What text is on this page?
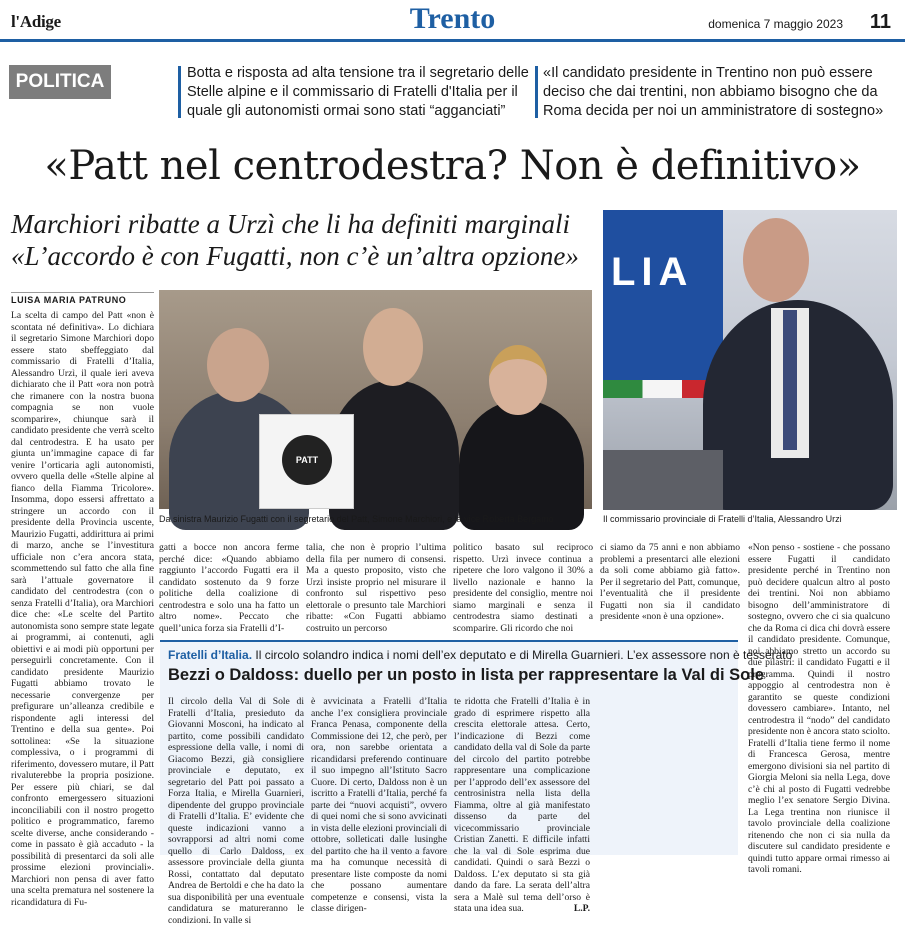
l'Adige	Trento	domenica 7 maggio 2023 11
POLITICA	Botta e risposta ad alta tensione tra il segretario delle Stelle alpine e il commissario di Fratelli d'Italia per il quale gli autonomisti ormai sono stati “agganciati”
«Il candidato presidente in Trentino non può essere deciso che dai trentini, non abbiamo bisogno che da Roma decida per noi un amministratore di sostegno»
«Patt nel centrodestra? Non è definitivo»
Marchiori ribatte a Urzì che li ha definiti marginali
«L’accordo è con Fugatti, non c’è un’altra opzione»
LUISA MARIA PATRUNO
PATT
LIA
Da sinistra Maurizio Fugatti con il segretario del Patt, Simone Marchiori, e la vice Roberta Bergamo	Il commissario provinciale di Fratelli d’Italia, Alessandro Urzi
La scelta di campo del Patt «non è scontata né definitiva». Lo dichiara il segretario Simone Marchiori dopo essere stato sbeffeggiato dal commissario di Fratelli d’Italia, Alessandro Urzì, il quale ieri aveva dichiarato che il Patt «ora non potrà che rimanere con la nostra buona compagnia se non vuole scomparire», chiunque sarà il candidato presidente che verrà scelto dal centrodestra. E ha usato per giunta un’immagine capace di far venire l’orticaria agli autonomisti, ovvero quella delle «Stelle alpine al fianco della Fiamma Tricolore». Insomma, dopo essersi affrettato a stringere un accordo con il presidente della Provincia uscente, Maurizio Fugatti, addirittura ai primi di marzo, anche se l’investitura ufficiale non c’era ancora stata, scommettendo sul fatto che alla fine sarà l’attuale governatore il candidato del centrodestra (con o senza Fratelli d’Italia), ora Marchiori dice che: «Le scelte del Partito autonomista sono sempre state legate ai programmi, ai contenuti, agli obiettivi e ai modi più opportuni per perseguirli concretamente. Con il candidato presidente Maurizio Fugatti abbiamo trovato le necessarie convergenze per prefigurare un’alleanza credibile e rispondente agli interessi del Trentino e della sua gente». Poi sottolinea: «Se la situazione complessiva, o i programmi di riferimento, dovessero mutare, il Patt rivaluterebbe la propria posizione. Per essere più chiari, se dal confronto emergessero situazioni inconciliabili con il nostro progetto politico e programmatico, faremo scelte diverse, anche considerando - come in passato è già accaduto - la possibilità di presentarci da soli alle prossime elezioni provinciali». Marchiori non pensa di aver fatto una scelta prematura nel sostenere la ricandidatura di Fu-
gatti a bocce non ancora ferme perché dice: «Quando abbiamo raggiunto l’accordo Fugatti era il candidato sostenuto da 9 forze politiche della coalizione di centrodestra e solo una ha fatto un altro nome». Peccato che quell’unica forza sia Fratelli d’I-
talia, che non è proprio l’ultima della fila per numero di consensi. Ma a questo proposito, visto che Urzì insiste proprio nel misurare il confronto sul rispettivo peso elettorale o presunto tale Marchiori ribatte: «Con Fugatti abbiamo costruito un percorso
politico basato sul reciproco rispetto. Urzì invece continua a ripetere che loro valgono il 30% a livello nazionale e hanno la presidente del consiglio, mentre noi siamo marginali e senza il centrodestra siamo destinati a scomparire. Gli ricordo che noi
ci siamo da 75 anni e non abbiamo problemi a presentarci alle elezioni da soli come abbiamo già fatto». Per il segretario del Patt, comunque, l’eventualità che il presidente Fugatti non sia il candidato presidente «non è una opzione».
«Non penso - sostiene - che possano essere Fugatti il candidato presidente perché in Trentino non può decidere qualcun altro al posto dei trentini. Noi non abbiamo bisogno dell’amministratore di sostegno, ovvero che ci sia qualcuno che da Roma ci dica chi dovrà essere il candidato presidente. Comunque, noi abbiamo stretto un accordo su due pilastri: il candidato Fugatti e il programma. Quindi il nostro appoggio al centrodestra non è garantito se queste condizioni dovessero cambiare». Intanto, nel centrodestra il “nodo” del candidato presidente non è ancora stato sciolto. Fratelli d’Italia tiene fermo il nome di Francesca Gerosa, mentre emergono divisioni sia nel partito di Giorgia Meloni sia nella Lega, dove c’è chi al posto di Fugatti vedrebbe meglio l’ex senatore Sergio Divina. La Lega trentina non riunisce il tavolo provinciale della coalizione ritenendo che non ci sia nulla da discutere sul candidato presidente e quindi tutto appare ormai rimesso ai tavoli romani.
Fratelli d’Italia. Il circolo solandro indica i nomi dell’ex deputato e di Mirella Guarnieri. L’ex assessore non è tesserato
Bezzi o Daldoss: duello per un posto in lista per rappresentare la Val di Sole
Il circolo della Val di Sole di Fratelli d’Italia, presieduto da Giovanni Mosconi, ha indicato al partito, come possibili candidato espressione della valle, i nomi di Giacomo Bezzi, già consigliere provinciale e deputato, ex segretario del Patt poi passato a Forza Italia, e Mirella Guarnieri, dipendente del gruppo provinciale di Fratelli d’Italia. E’ evidente che queste indicazioni vanno a sovrapporsi ad altri nomi come quello di Carlo Daldoss, ex assessore provinciale della giunta Rossi, contattato dal deputato Andrea de Bertoldi e che ha dato la sua disponibilità per una eventuale candidatura se matureranno le condizioni. In valle si
è avvicinata a Fratelli d’Italia anche l’ex consigliera provinciale Franca Penasa, componente della Commissione dei 12, che però, per ora, non sarebbe orientata a ricandidarsi preferendo continuare il suo impegno all’Istituto Sacro Cuore. Di certo, Daldoss non è un iscritto a Fratelli d’Italia, perché fa parte dei “nuovi acquisti”, ovvero di quei nomi che si sono avvicinati in vista delle elezioni provinciali di ottobre, solleticati dalle lusinghe del partito che ha il vento a favore ma ha comunque necessità di presentare liste composte da nomi che possano aumentare competenze e consensi, vista la classe dirigen-
te ridotta che Fratelli d’Italia è in grado di esprimere rispetto alla crescita elettorale attesa. Certo, l’indicazione di Bezzi come candidato della val di Sole da parte del circolo del partito potrebbe rappresentare una complicazione per l’approdo dell’ex assessore del centrosinistra nella lista della Fiamma, oltre al già manifestato dissenso da parte del vicecommissario provinciale Cristian Zanetti. E difficile infatti che la val di Sole esprima due candidati. Quindi o sarà Bezzi o Daldoss. L’ex deputato si sta già dando da fare. La serata dell’altra sera a Malè sul tema dell’orso è stata una idea sua.	L.P.
